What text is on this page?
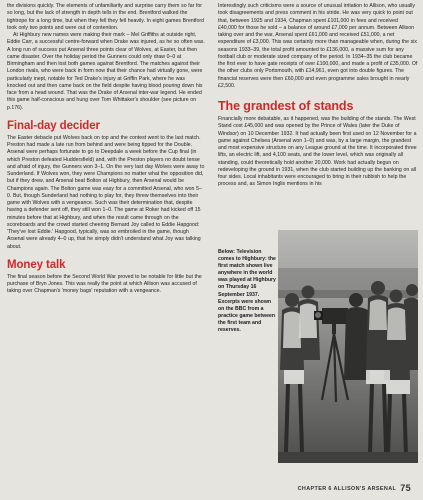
the divisions quickly. The elements of unfamiliarity and surprise carry them so far for so long, but the lack of strength in depth tells in the end. Brentford walked the tightrope for a long time, but when they fell they fell heavily. In eight games Brentford took only two points and were out of contention.

At Highbury new names were making their mark – Mel Griffiths at outside right, Eddie Carr, a successful centre-forward when Drake was injured, as he so often was. A long run of success put Arsenal three points clear of Wolves, at Easter, but then came disaster. Over the holiday period the Gunners could only draw 0–0 at Birmingham and then lost both games against Brentford. The matches against their London rivals, who were back in form now that their chance had virtually gone, were particularly inept, notable for Ted Drake's injury at Griffin Park, where he was knocked out and then came back on the field despite having blood pouring down his face from a head wound. That was the Drake of Arsenal inter-war legend. He ended this game half-conscious and hung over Tom Whittaker's shoulder (see picture on p.176).

Final-day decider

The Easter debacle put Wolves back on top and the contest went to the last match. Preston had made a late run from behind and were being tipped for the Double. Arsenal were perhaps fortunate to go to Deepdale a week before the Cup final (in which Preston defeated Huddersfield) and, with the Preston players no doubt tense and afraid of injury, the Gunners won 3–1. On the very last day Wolves were away to Sunderland. If Wolves won, they were Champions no matter what the opposition did, but if they drew, and Arsenal beat Bolton at Highbury, then Arsenal would be Champions again. The Bolton game was easy for a committed Arsenal, who won 5–0. But, though Sunderland had nothing to play for, they threw themselves into their game with Wolves with a vengeance. Such was their determination that, despite having a defender sent off, they still won 1–0. The game at Roker had kicked off 15 minutes before that at Highbury, and when the result came through on the scoreboards and the crowd started cheering Bernard Joy called to Eddie Hapgood: 'They've lost Eddie.' Hapgood, typically, was so embroiled in the game, though Arsenal were already 4–0 up, that he simply didn't understand what Joy was talking about.

Money talk

The final season before the Second World War proved to be notable for little but the purchase of Bryn Jones. This was really the point at which Allison was accused of taking over Chapman's 'money bags' reputation with a vengeance.

Interestingly such criticisms were a source of unusual irritation to Allison, who usually took disagreements and press comment in his stride. He was very quick to point out that, between 1925 and 1934, Chapman spent £101,000 in fees and received £40,000 for those he sold – a balance of around £7,000 per annum. Between Allison taking over and the war, Arsenal spent £61,000 and received £51,000, a net expenditure of £3,000. This was certainly more than manageable when, during the six seasons 1933–39, the total profit amounted to £136,000, a massive sum for any football club or moderate sized company of the period. In 1934–35 the club became the first ever to have gate receipts of over £100,000, and made a profit of £35,000. Of the other clubs only Portsmouth, with £14,961, even got into double figures. The financial reserves were then £60,000 and even programme sales brought in nearly £2,500.

The grandest of stands

Financially more debatable, as it happened, was the building of the stands. The West Stand cost £45,000 and was opened by the Prince of Wales (later the Duke of Windsor) on 10 December 1932. It had actually been first used on 12 November for a game against Chelsea (Arsenal won 1–0) and was, by a large margin, the grandest and most expensive structure on any League ground at the time. It incorporated three lifts, an electric lift, and 4,100 seats, and the lower level, which was originally all standing, could theoretically hold another 20,000. Work had actually begun on redeveloping the ground in 1931, when the club started building up the banking on all four sides. Local inhabitants were encouraged to bring in their rubbish to help the process and, as Simon Inglis mentions in his

Below: Television comes to Highbury: the first match shown live anywhere in the world was played at Highbury on Thursday 16 September 1937. Excerpts were shown on the BBC from a practice game between the first team and reserves.
CHAPTER 6 ALLISON'S ARSENAL 75
